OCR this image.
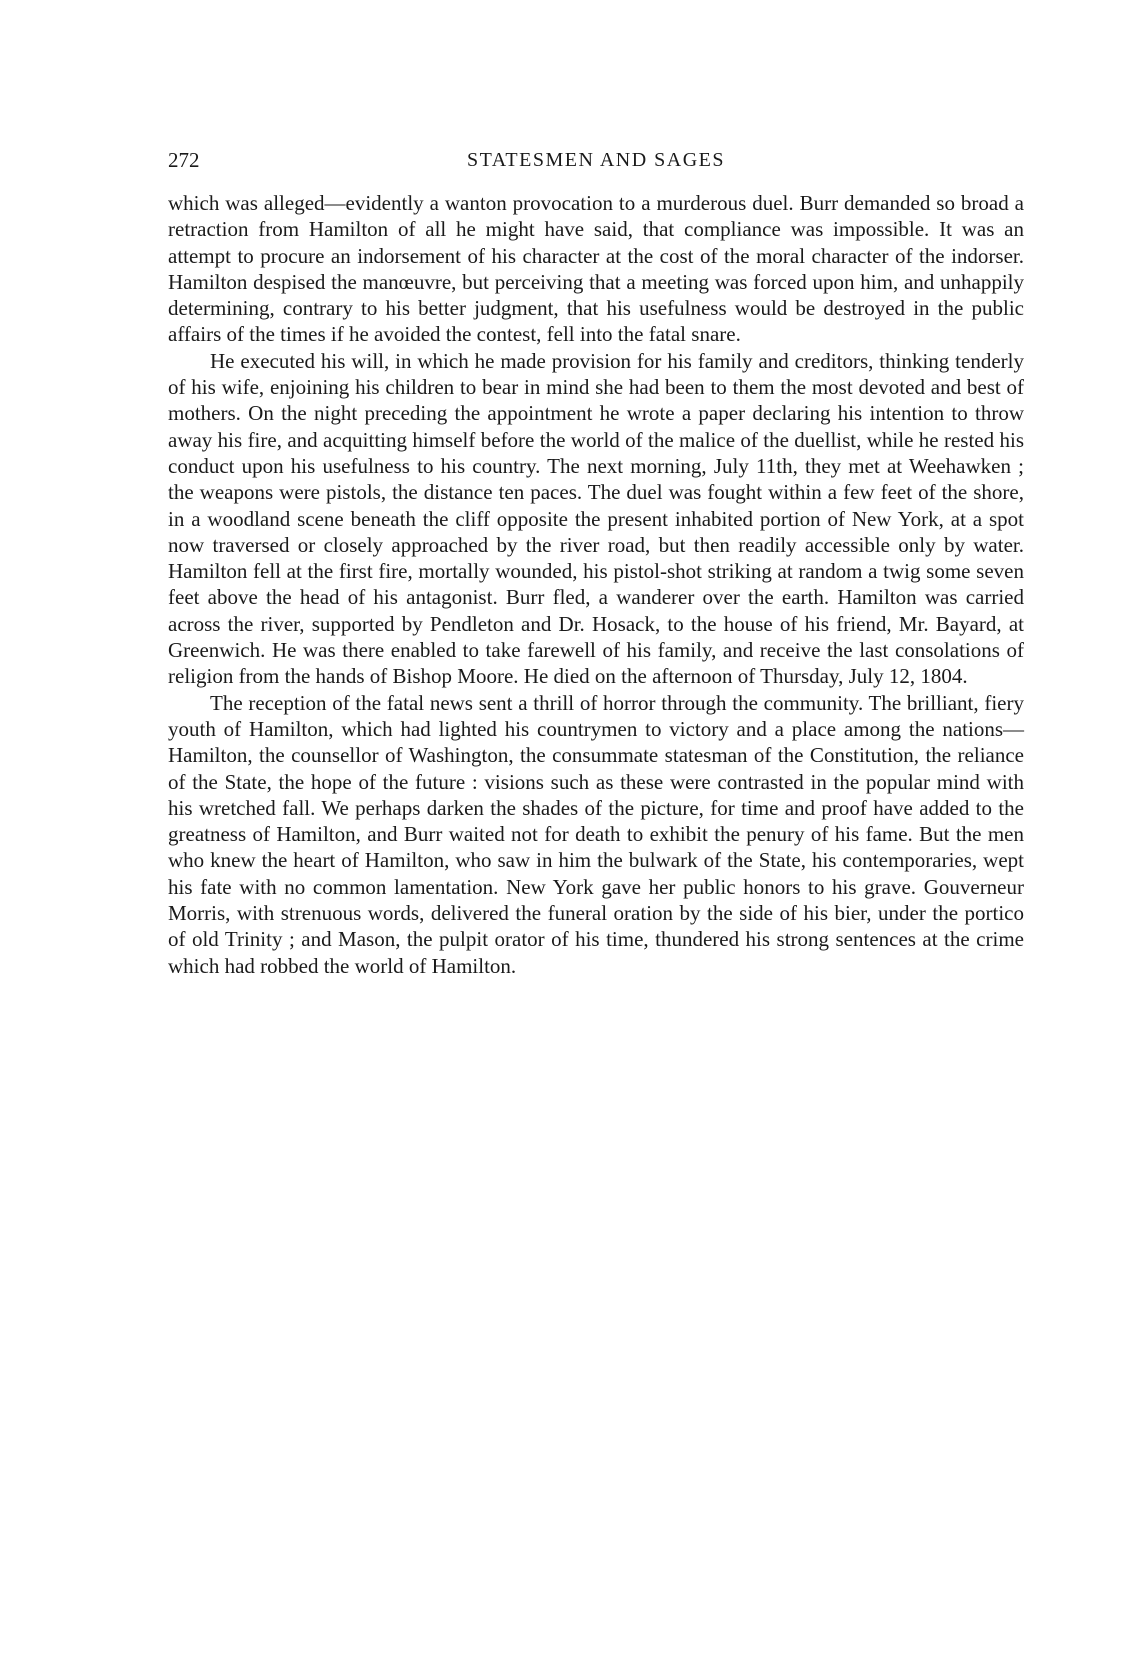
272	STATESMEN AND SAGES

which was alleged—evidently a wanton provocation to a murderous duel. Burr demanded so broad a retraction from Hamilton of all he might have said, that compliance was impossible. It was an attempt to procure an indorsement of his character at the cost of the moral character of the indorser. Hamilton despised the manœuvre, but perceiving that a meeting was forced upon him, and unhappily determining, contrary to his better judgment, that his usefulness would be destroyed in the public affairs of the times if he avoided the contest, fell into the fatal snare.

He executed his will, in which he made provision for his family and creditors, thinking tenderly of his wife, enjoining his children to bear in mind she had been to them the most devoted and best of mothers. On the night preceding the appointment he wrote a paper declaring his intention to throw away his fire, and acquitting himself before the world of the malice of the duellist, while he rested his conduct upon his usefulness to his country. The next morning, July 11th, they met at Weehawken ; the weapons were pistols, the distance ten paces. The duel was fought within a few feet of the shore, in a woodland scene beneath the cliff opposite the present inhabited portion of New York, at a spot now traversed or closely approached by the river road, but then readily accessible only by water. Hamilton fell at the first fire, mortally wounded, his pistol-shot striking at random a twig some seven feet above the head of his antagonist. Burr fled, a wanderer over the earth. Hamilton was carried across the river, supported by Pendleton and Dr. Hosack, to the house of his friend, Mr. Bayard, at Greenwich. He was there enabled to take farewell of his family, and receive the last consolations of religion from the hands of Bishop Moore. He died on the afternoon of Thursday, July 12, 1804.

The reception of the fatal news sent a thrill of horror through the community. The brilliant, fiery youth of Hamilton, which had lighted his countrymen to victory and a place among the nations—Hamilton, the counsellor of Washington, the consummate statesman of the Constitution, the reliance of the State, the hope of the future : visions such as these were contrasted in the popular mind with his wretched fall. We perhaps darken the shades of the picture, for time and proof have added to the greatness of Hamilton, and Burr waited not for death to exhibit the penury of his fame. But the men who knew the heart of Hamilton, who saw in him the bulwark of the State, his contemporaries, wept his fate with no common lamentation. New York gave her public honors to his grave. Gouverneur Morris, with strenuous words, delivered the funeral oration by the side of his bier, under the portico of old Trinity ; and Mason, the pulpit orator of his time, thundered his strong sentences at the crime which had robbed the world of Hamilton.
